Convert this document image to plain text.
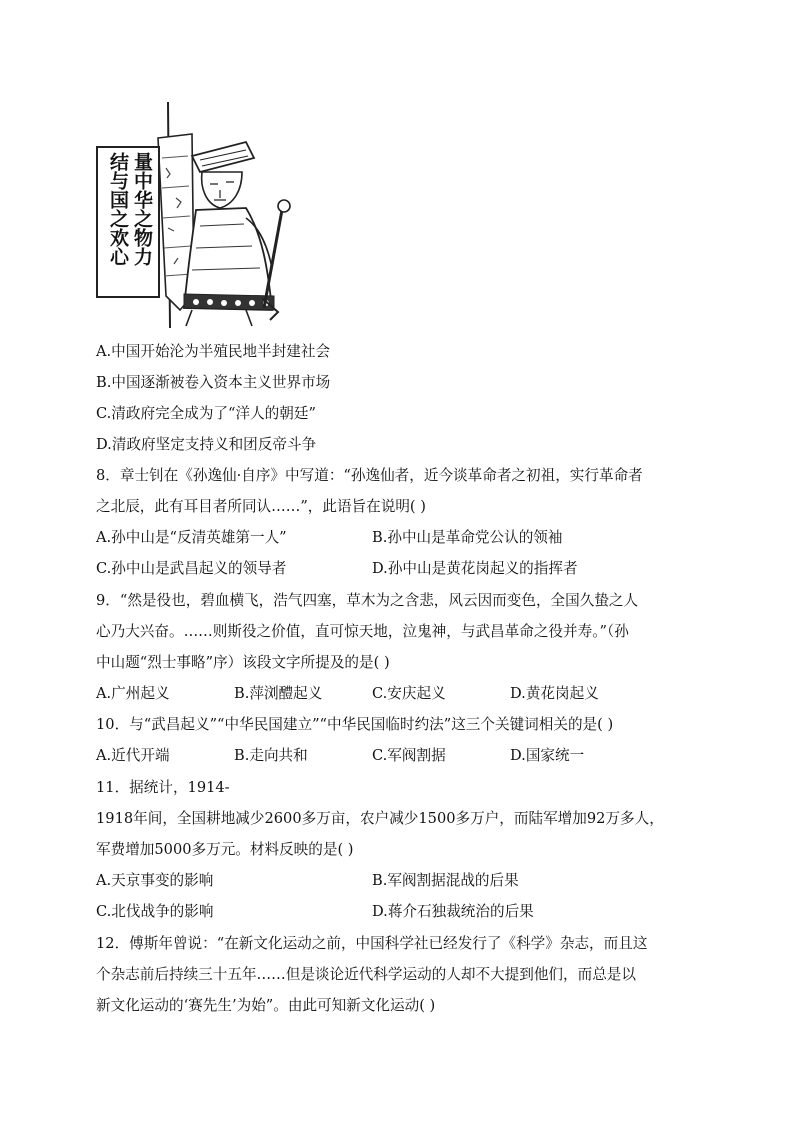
量中华之物力
结与国之欢心
A.中国开始沦为半殖民地半封建社会
B.中国逐渐被卷入资本主义世界市场
C.清政府完全成为了“洋人的朝廷”
D.清政府坚定支持义和团反帝斗争
8．章士钊在《孙逸仙·自序》中写道：“孙逸仙者，近今谈革命者之初祖，实行革命者
之北辰，此有耳目者所同认……”，此语旨在说明( )
A.孙中山是“反清英雄第一人”	B.孙中山是革命党公认的领袖
C.孙中山是武昌起义的领导者	D.孙中山是黄花岗起义的指挥者
9．“然是役也，碧血横飞，浩气四塞，草木为之含悲，风云因而变色，全国久蛰之人
心乃大兴奋。……则斯役之价值，直可惊天地，泣鬼神，与武昌革命之役并寿。”（孙
中山题“烈士事略”序）该段文字所提及的是( )
A.广州起义	B.萍浏醴起义	C.安庆起义	D.黄花岗起义
10．与“武昌起义”“中华民国建立”“中华民国临时约法”这三个关键词相关的是( )
A.近代开端	B.走向共和	C.军阀割据	D.国家统一
11．据统计，1914-
1918年间，全国耕地减少2600多万亩，农户减少1500多万户，而陆军增加92万多人，
军费增加5000多万元。材料反映的是( )
A.天京事变的影响	B.军阀割据混战的后果
C.北伐战争的影响	D.蒋介石独裁统治的后果
12．傅斯年曾说：“在新文化运动之前，中国科学社已经发行了《科学》杂志，而且这
个杂志前后持续三十五年……但是谈论近代科学运动的人却不大提到他们，而总是以
新文化运动的‘赛先生’为始”。由此可知新文化运动( )
